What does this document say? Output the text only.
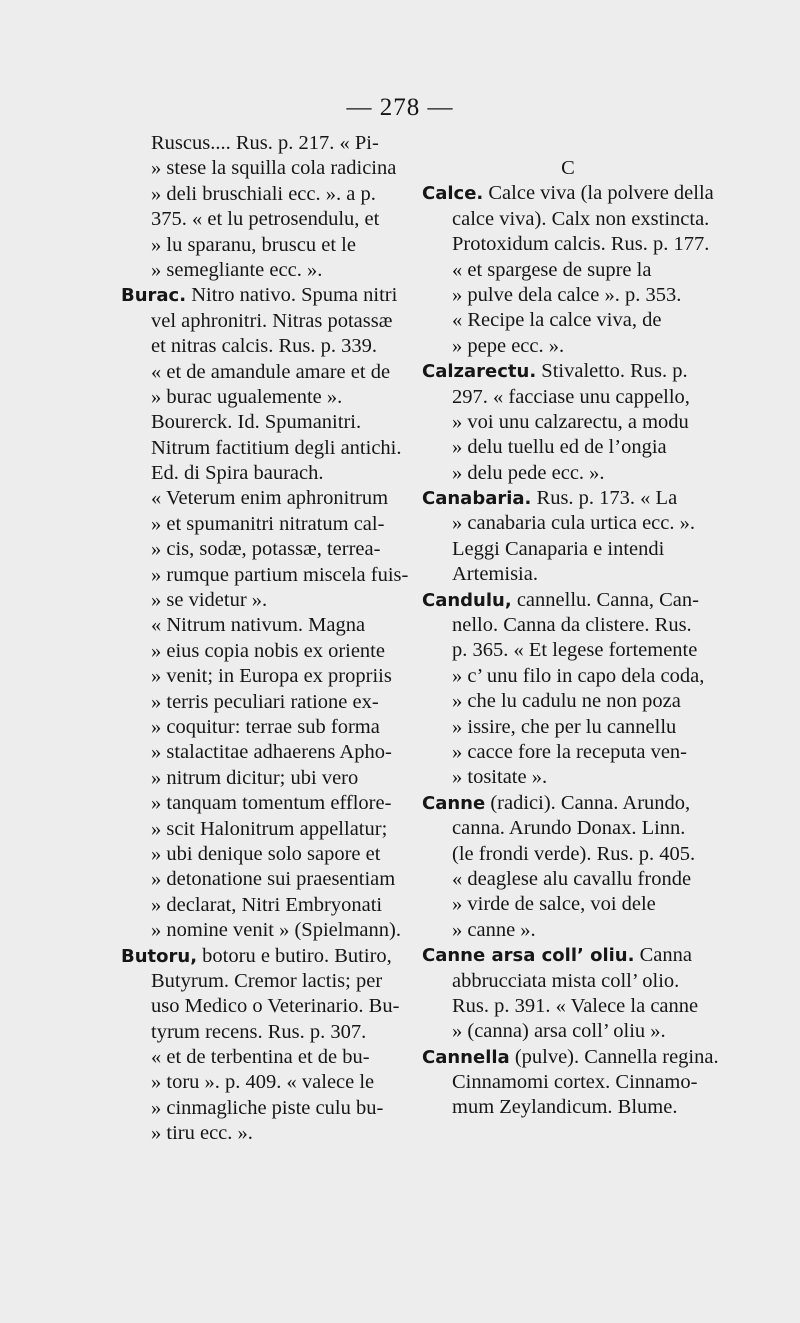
— 278 —
Ruscus.... Rus. p. 217. « Pi-
» stese la squilla cola radicina
» deli bruschiali ecc. ». a p.
375. « et lu petrosendulu, et
» lu sparanu, bruscu et le
» semegliante ecc. ».
Burac. Nitro nativo. Spuma nitri
vel aphronitri. Nitras potassæ
et nitras calcis. Rus. p. 339.
« et de amandule amare et de
» burac ugualemente ».
Bourerck. Id. Spumanitri.
Nitrum factitium degli antichi.
Ed. di Spira baurach.
« Veterum enim aphronitrum
» et spumanitri nitratum cal-
» cis, sodæ, potassæ, terrea-
» rumque partium miscela fuis-
» se videtur ».
« Nitrum nativum. Magna
» eius copia nobis ex oriente
» venit; in Europa ex propriis
» terris peculiari ratione ex-
» coquitur: terrae sub forma
» stalactitae adhaerens Apho-
» nitrum dicitur; ubi vero
» tanquam tomentum efflore-
» scit Halonitrum appellatur;
» ubi denique solo sapore et
» detonatione sui praesentiam
» declarat, Nitri Embryonati
» nomine venit » (Spielmann).
Butoru, botoru e butiro. Butiro,
Butyrum. Cremor lactis; per
uso Medico o Veterinario. Bu-
tyrum recens. Rus. p. 307.
« et de terbentina et de bu-
» toru ». p. 409. « valece le
» cinmagliche piste culu bu-
» tiru ecc. ».
C
Calce. Calce viva (la polvere della
calce viva). Calx non exstincta.
Protoxidum calcis. Rus. p. 177.
« et spargese de supre la
» pulve dela calce ». p. 353.
« Recipe la calce viva, de
» pepe ecc. ».
Calzarectu. Stivaletto. Rus. p.
297. « facciase unu cappello,
» voi unu calzarectu, a modu
» delu tuellu ed de l’ongia
» delu pede ecc. ».
Canabaria. Rus. p. 173. « La
» canabaria cula urtica ecc. ».
Leggi Canaparia e intendi
Artemisia.
Candulu, cannellu. Canna, Can-
nello. Canna da clistere. Rus.
p. 365. « Et legese fortemente
» c’ unu filo in capo dela coda,
» che lu cadulu ne non poza
» issire, che per lu cannellu
» cacce fore la receputa ven-
» tositate ».
Canne (radici). Canna. Arundo,
canna. Arundo Donax. Linn.
(le frondi verde). Rus. p. 405.
« deaglese alu cavallu fronde
» virde de salce, voi dele
» canne ».
Canne arsa coll’ oliu. Canna
abbrucciata mista coll’ olio.
Rus. p. 391. « Valece la canne
» (canna) arsa coll’ oliu ».
Cannella (pulve). Cannella regina.
Cinnamomi cortex. Cinnamo-
mum Zeylandicum. Blume.
